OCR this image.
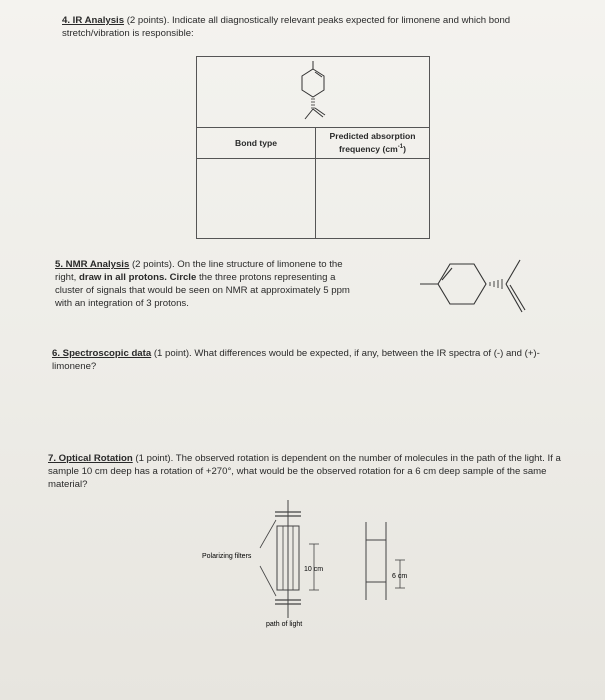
4. IR Analysis (2 points). Indicate all diagnostically relevant peaks expected for limonene and which bond stretch/vibration is responsible:

Bond type	Predicted absorption
frequency $(cm^{-1})$

5. NMR Analysis (2 points). On the line structure of limonene to the right, draw in all protons. Circle the three protons representing a cluster of signals that would be seen on NMR at approximately 5 ppm with an integration of 3 protons.
6. Spectroscopic data (1 point). What differences would be expected, if any, between the IR spectra of (-) and (+)-limonene?
7. Optical Rotation (1 point). The observed rotation is dependent on the number of molecules in the path of the light. If a sample 10 cm deep has a rotation of +270°, what would be the observed rotation for a 6 cm deep sample of the same material?
Polarizing filters
10 cm
6 cm
path of light
